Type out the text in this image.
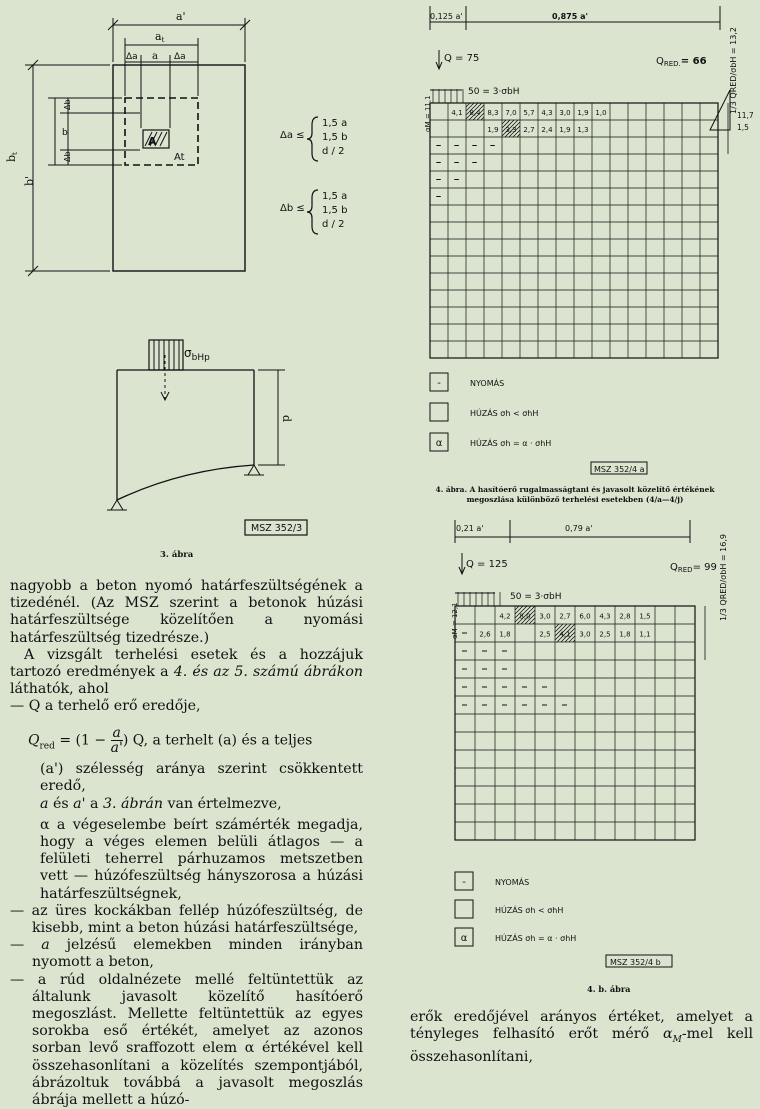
a'
at
Δa a Δa
bt
Δb
b
Δb
b'
A
At
Δa ≤
1,5 a
1,5 b
d / 2
Δb ≤
1,5 a
1,5 b
d / 2
$\sigma_{bHp}$
d
MSZ 352/3
3. ábra
4,1 8,4 8,3 7,0 5,7 4,3 3,0 1,9 1,0
1,9 3,3 2,7 2,4 1,9 1,3
0,125 a'	0,875 a'
Q = 75	$Q_{RED.}= 66$
50 = 3·σbH
αM = 11,1	1/3 QRED/σbH = 13,2
11,7
1,5
-	NYOMÁS
HÚZÁS σh < σhH
α	HÚZÁS σh = α · σhH
MSZ 352/4 a
4. ábra. A hasítóerő rugalmasságtani és javasolt közelítő értékének
megoszlása különböző terhelési esetekben (4/a—4/j)
4,2 8,0 3,0 2,7 6,0 4,3 2,8 1,5
2,6 1,8	2,5 4,1 3,0 2,5 1,8 1,1
0,21 a'	0,79 a'
Q = 125	$Q_{RED}= 99$
50 = 3·σbH
αM = 12,1	1/3 QRED/σbH = 16,9
-	NYOMÁS
HÚZÁS σh < σhH
α	HÚZÁS σh = α · σhH
MSZ 352/4 b
4. b. ábra

nagyobb a beton nyomó határfeszültségének a tizedénél. (Az MSZ szerint a betonok húzási határfeszültsége közelítően a nyomási határfeszültség tizedrésze.)

A vizsgált terhelési esetek és a hozzájuk tartozó eredmények a 4. és az 5. számú ábrákon láthatók, ahol

— Q a terhelő erő eredője,

$Q_{red} = (1 - \frac{a}{a'}$ ) Q, a terhelt (a) és a teljes

(a') szélesség aránya szerint csökkentett eredő,

a és a' a 3. ábrán van értelmezve,

α a végeselembe beírt számérték megadja, hogy a véges elemen belüli átlagos — a felületi teherrel párhuzamos metszetben vett — húzófeszültség hányszorosa a húzási határfeszültségnek,

— az üres kockákban fellép húzófeszültség, de kisebb, mint a beton húzási határfeszültsége,

— a jelzésű elemekben minden irányban nyomott a beton,

— a rúd oldalnézete mellé feltüntettük az általunk javasolt közelítő hasítóerő megoszlást. Mellette feltüntettük az egyes sorokba eső értékét, amelyet az azonos sorban levő sraffozott elem α értékével kell összehasonlítani a közelítés szempontjából, ábrázoltuk továbbá a javasolt megoszlás ábrája mellett a húzó-

erők eredőjével arányos értéket, amelyet a tényleges felhasító erőt mérő $\alpha_M$-mel kell összehasonlítani,
